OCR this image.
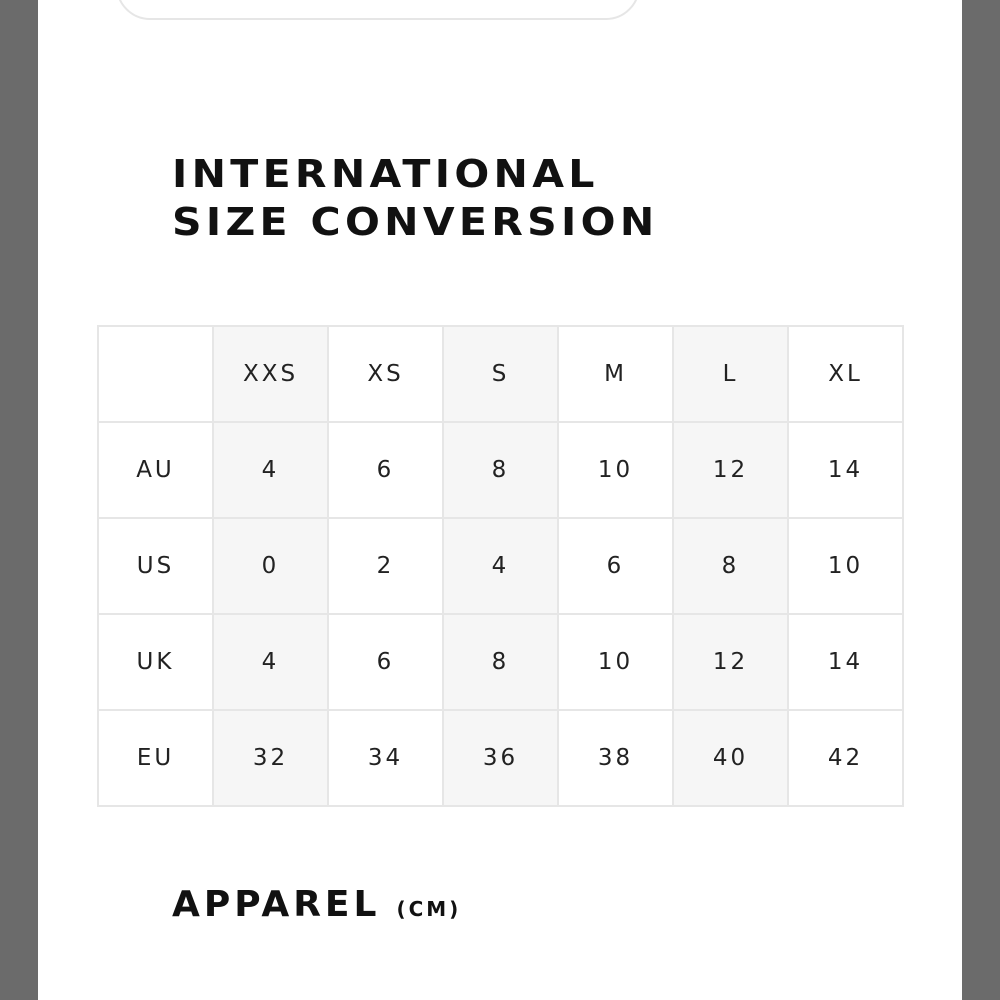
INTERNATIONAL
SIZE CONVERSION
	XXS	XS	S	M	L	XL
AU	4	6	8	10	12	14
US	0	2	4	6	8	10
UK	4	6	8	10	12	14
EU	32	34	36	38	40	42
APPAREL (CM)
